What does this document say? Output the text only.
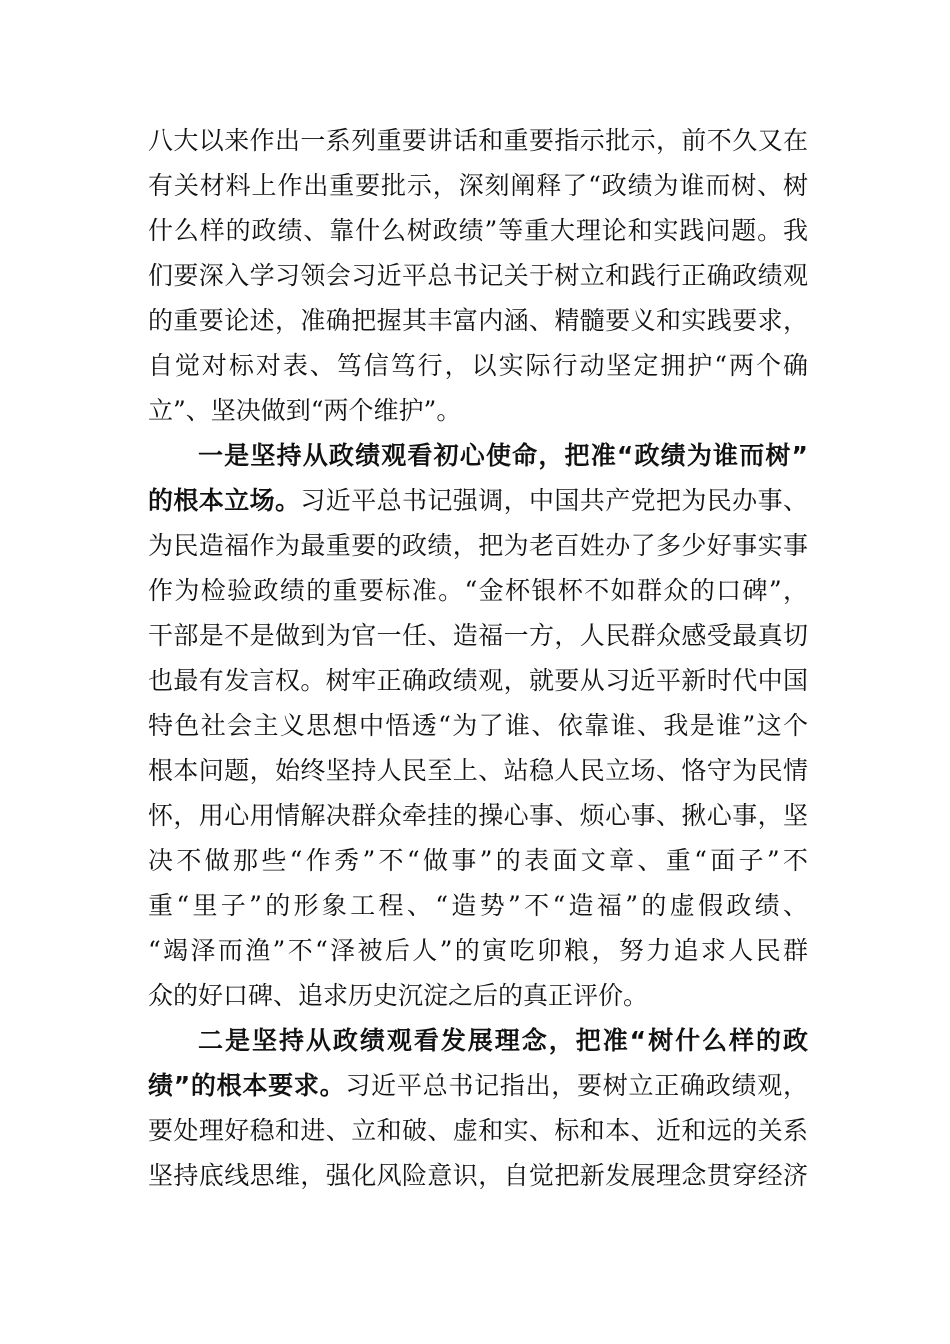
八大以来作出一系列重要讲话和重要指示批示，前不久又在
有关材料上作出重要批示，深刻阐释了“政绩为谁而树、树
什么样的政绩、靠什么树政绩”等重大理论和实践问题。我
们要深入学习领会习近平总书记关于树立和践行正确政绩观
的重要论述，准确把握其丰富内涵、精髓要义和实践要求，
自觉对标对表、笃信笃行，以实际行动坚定拥护“两个确
立”、坚决做到“两个维护”。
一是坚持从政绩观看初心使命，把准“政绩为谁而树”
的根本立场。习近平总书记强调，中国共产党把为民办事、
为民造福作为最重要的政绩，把为老百姓办了多少好事实事
作为检验政绩的重要标准。“金杯银杯不如群众的口碑”，
干部是不是做到为官一任、造福一方，人民群众感受最真切
也最有发言权。树牢正确政绩观，就要从习近平新时代中国
特色社会主义思想中悟透“为了谁、依靠谁、我是谁”这个
根本问题，始终坚持人民至上、站稳人民立场、恪守为民情
怀，用心用情解决群众牵挂的操心事、烦心事、揪心事，坚
决不做那些“作秀”不“做事”的表面文章、重“面子”不
重“里子”的形象工程、“造势”不“造福”的虚假政绩、
“竭泽而渔”不“泽被后人”的寅吃卯粮，努力追求人民群
众的好口碑、追求历史沉淀之后的真正评价。
二是坚持从政绩观看发展理念，把准“树什么样的政
绩”的根本要求。习近平总书记指出，要树立正确政绩观，
要处理好稳和进、立和破、虚和实、标和本、近和远的关系
坚持底线思维，强化风险意识，自觉把新发展理念贯穿经济
